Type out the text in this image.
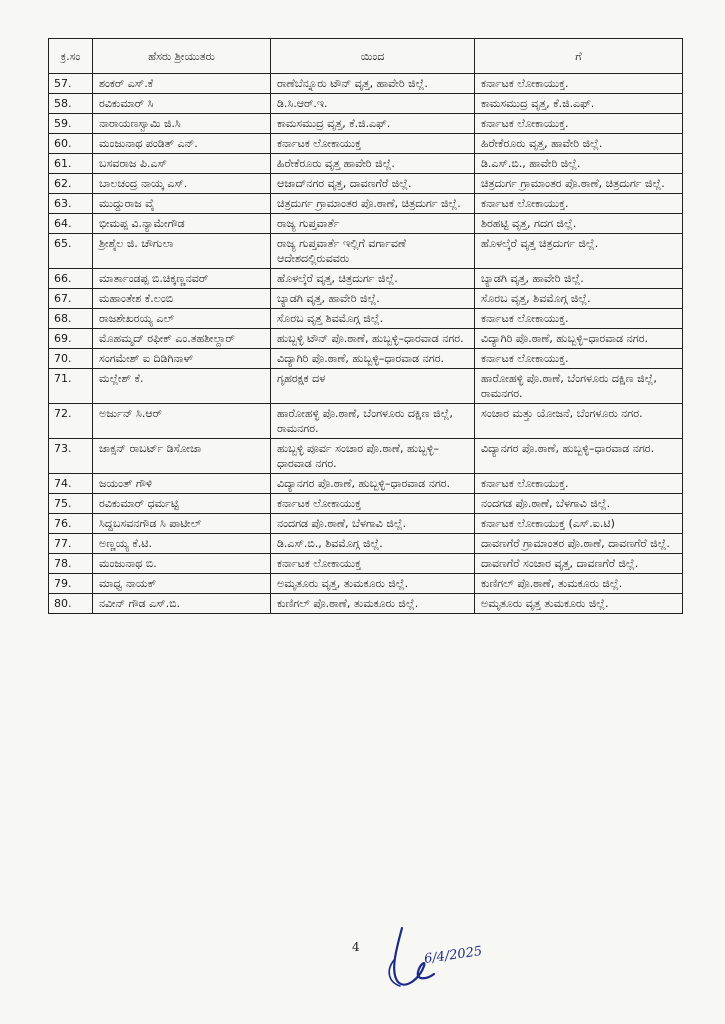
ಕ್ರ.ಸಂ	ಹೆಸರು ಶ್ರೀಯುತರು	ಯಿಂದ	ಗೆ
57.	ಶಂಕರ್ ಎಸ್.ಕೆ	ರಾಣೆಬೆನ್ನೂರು ಟೌನ್ ವೃತ್ತ, ಹಾವೇರಿ ಜಿಲ್ಲೆ.	ಕರ್ನಾಟಕ ಲೋಕಾಯುಕ್ತ.
58.	ರವಿಕುಮಾರ್ ಸಿ	ಡಿ.ಸಿ.ಆರ್.ಇ.	ಕಾಮಸಮುದ್ರ ವೃತ್ತ, ಕೆ.ಜಿ.ಎಫ್.
59.	ನಾರಾಯಣಸ್ವಾಮಿ ಜಿ.ಸಿ	ಕಾಮಸಮುದ್ರ ವೃತ್ತ, ಕೆ.ಜಿ.ಎಫ್.	ಕರ್ನಾಟಕ ಲೋಕಾಯುಕ್ತ.
60.	ಮಂಜುನಾಥ ಪಂಡಿತ್ ಎನ್.	ಕರ್ನಾಟಕ ಲೋಕಾಯುಕ್ತ	ಹಿರೇಕೆರೂರು ವೃತ್ತ, ಹಾವೇರಿ ಜಿಲ್ಲೆ.
61.	ಬಸವರಾಜ ಪಿ.ಎಸ್	ಹಿರೇಕೆರೂರು ವೃತ್ತ ಹಾವೇರಿ ಜಿಲ್ಲೆ.	ಡಿ.ಎಸ್.ಬಿ., ಹಾವೇರಿ ಜಿಲ್ಲೆ.
62.	ಬಾಲಚಂದ್ರ ನಾಯ್ಕ ಎಸ್.	ಆಜಾದ್‌ನಗರ ವೃತ್ತ, ದಾವಣಗೆರೆ ಜಿಲ್ಲೆ.	ಚಿತ್ರದುರ್ಗ ಗ್ರಾಮಾಂತರ ಪೊ.ಠಾಣೆ, ಚಿತ್ರದುರ್ಗ ಜಿಲ್ಲೆ.
63.	ಮುದ್ದುರಾಜ ವೈ	ಚಿತ್ರದುರ್ಗ ಗ್ರಾಮಾಂತರ ಪೊ.ಠಾಣೆ, ಚಿತ್ರದುರ್ಗ ಜಿಲ್ಲೆ.	ಕರ್ನಾಟಕ ಲೋಕಾಯುಕ್ತ.
64.	ಭೀಮಪ್ಪ ವಿ.ನ್ಯಾಮೇಗೌಡ	ರಾಜ್ಯ ಗುಪ್ತವಾರ್ತೆ	ಶಿರಹಟ್ಟಿ ವೃತ್ತ, ಗದಗ ಜಿಲ್ಲೆ.
65.	ಶ್ರೀಶೈಲ ಜಿ. ಚೌಗುಲಾ	ರಾಜ್ಯ ಗುಪ್ತವಾರ್ತೆ ಇಲ್ಲಿಗೆ ವರ್ಗಾವಣೆ ಆದೇಶದಲ್ಲಿರುವವರು	ಹೊಳಲ್ಕೆರೆ ವೃತ್ತ ಚಿತ್ರದುರ್ಗ ಜಿಲ್ಲೆ.
66.	ಮಾರ್ತಾಂಡಪ್ಪ ಬಿ.ಚಿಕ್ಕಣ್ಣನವರ್	ಹೊಳಲ್ಕೆರೆ ವೃತ್ತ, ಚಿತ್ರದುರ್ಗ ಜಿಲ್ಲೆ.	ಬ್ಯಾಡಗಿ ವೃತ್ತ, ಹಾವೇರಿ ಜಿಲ್ಲೆ.
67.	ಮಹಾಂತೇಶ ಕೆ.ಲಂಬಿ	ಬ್ಯಾಡಗಿ ವೃತ್ತ, ಹಾವೇರಿ ಜಿಲ್ಲೆ.	ಸೊರಬ ವೃತ್ತ, ಶಿವಮೊಗ್ಗ ಜಿಲ್ಲೆ.
68.	ರಾಜಶೇಖರಯ್ಯ ಎಲ್	ಸೊರಬ ವೃತ್ತ ಶಿವಮೊಗ್ಗ ಜಿಲ್ಲೆ.	ಕರ್ನಾಟಕ ಲೋಕಾಯುಕ್ತ.
69.	ಮೊಹಮ್ಮದ್ ರಫೀಕ್ ಎಂ.ತಹಶೀಲ್ದಾರ್	ಹುಬ್ಬಳ್ಳಿ ಟೌನ್ ಪೊ.ಠಾಣೆ, ಹುಬ್ಬಳ್ಳಿ–ಧಾರವಾಡ ನಗರ.	ವಿದ್ಯಾಗಿರಿ ಪೊ.ಠಾಣೆ, ಹುಬ್ಬಳ್ಳಿ–ಧಾರವಾಡ ನಗರ.
70.	ಸಂಗಮೇಶ್ ಐ ದಿಡಿಗಿನಾಳ್	ವಿದ್ಯಾಗಿರಿ ಪೊ.ಠಾಣೆ, ಹುಬ್ಬಳ್ಳಿ–ಧಾರವಾಡ ನಗರ.	ಕರ್ನಾಟಕ ಲೋಕಾಯುಕ್ತ.
71.	ಮಲ್ಲೇಶ್ ಕೆ.	ಗೃಹರಕ್ಷಕ ದಳ	ಹಾರೋಹಳ್ಳಿ ಪೊ.ಠಾಣೆ, ಬೆಂಗಳೂರು ದಕ್ಷಿಣ ಜಿಲ್ಲೆ, ರಾಮನಗರ.
72.	ಅರ್ಜುನ್ ಸಿ.ಆರ್	ಹಾರೋಹಳ್ಳಿ ಪೊ.ಠಾಣೆ, ಬೆಂಗಳೂರು ದಕ್ಷಿಣ ಜಿಲ್ಲೆ, ರಾಮನಗರ.	ಸಂಚಾರ ಮತ್ತು ಯೋಜನೆ, ಬೆಂಗಳೂರು ನಗರ.
73.	ಜಾಕ್ಸನ್ ರಾಬರ್ಟ್ ಡಿಸೋಜಾ	ಹುಬ್ಬಳ್ಳಿ ಪೂರ್ವ ಸಂಚಾರ ಪೊ.ಠಾಣೆ, ಹುಬ್ಬಳ್ಳಿ–ಧಾರವಾಡ ನಗರ.	ವಿದ್ಯಾನಗರ ಪೊ.ಠಾಣೆ, ಹುಬ್ಬಳ್ಳಿ–ಧಾರವಾಡ ನಗರ.
74.	ಜಯಂತ್ ಗೌಳಿ	ವಿದ್ಯಾನಗರ ಪೊ.ಠಾಣೆ, ಹುಬ್ಬಳ್ಳಿ–ಧಾರವಾಡ ನಗರ.	ಕರ್ನಾಟಕ ಲೋಕಾಯುಕ್ತ.
75.	ರವಿಕುಮಾರ್ ಧರ್ಮಟ್ಟಿ	ಕರ್ನಾಟಕ ಲೋಕಾಯುಕ್ತ	ನಂದಗಡ ಪೊ.ಠಾಣೆ, ಬೆಳಗಾವಿ ಜಿಲ್ಲೆ.
76.	ಸಿದ್ದಬಸವನಗೌಡ ಸಿ ಪಾಟೀಲ್	ನಂದಗಡ ಪೊ.ಠಾಣೆ, ಬೆಳಗಾವಿ ಜಿಲ್ಲೆ.	ಕರ್ನಾಟಕ ಲೋಕಾಯುಕ್ತ (ಎಸ್.ಐ.ಟಿ)
77.	ಅಣ್ಣಯ್ಯ ಕೆ.ಟಿ.	ಡಿ.ಎಸ್.ಬಿ., ಶಿವಮೊಗ್ಗ ಜಿಲ್ಲೆ.	ದಾವಣಗೆರೆ ಗ್ರಾಮಾಂತರ ಪೊ.ಠಾಣೆ, ದಾವಣಗೆರೆ ಜಿಲ್ಲೆ.
78.	ಮಂಜುನಾಥ ಬಿ.	ಕರ್ನಾಟಕ ಲೋಕಾಯುಕ್ತ	ದಾವಣಗೆರೆ ಸಂಚಾರ ವೃತ್ತ, ದಾವಣಗೆರೆ ಜಿಲ್ಲೆ.
79.	ಮಾಧ್ವ ನಾಯಕ್	ಅಮೃತೂರು ವೃತ್ತ, ತುಮಕೂರು ಜಿಲ್ಲೆ.	ಕುಣಿಗಲ್ ಪೊ.ಠಾಣೆ, ತುಮಕೂರು ಜಿಲ್ಲೆ.
80.	ನವೀನ್ ಗೌಡ ಎಸ್.ಬಿ.	ಕುಣಿಗಲ್ ಪೊ.ಠಾಣೆ, ತುಮಕೂರು ಜಿಲ್ಲೆ.	ಅಮೃತೂರು ವೃತ್ತ ತುಮಕೂರು ಜಿಲ್ಲೆ.
4	6/4/2025
